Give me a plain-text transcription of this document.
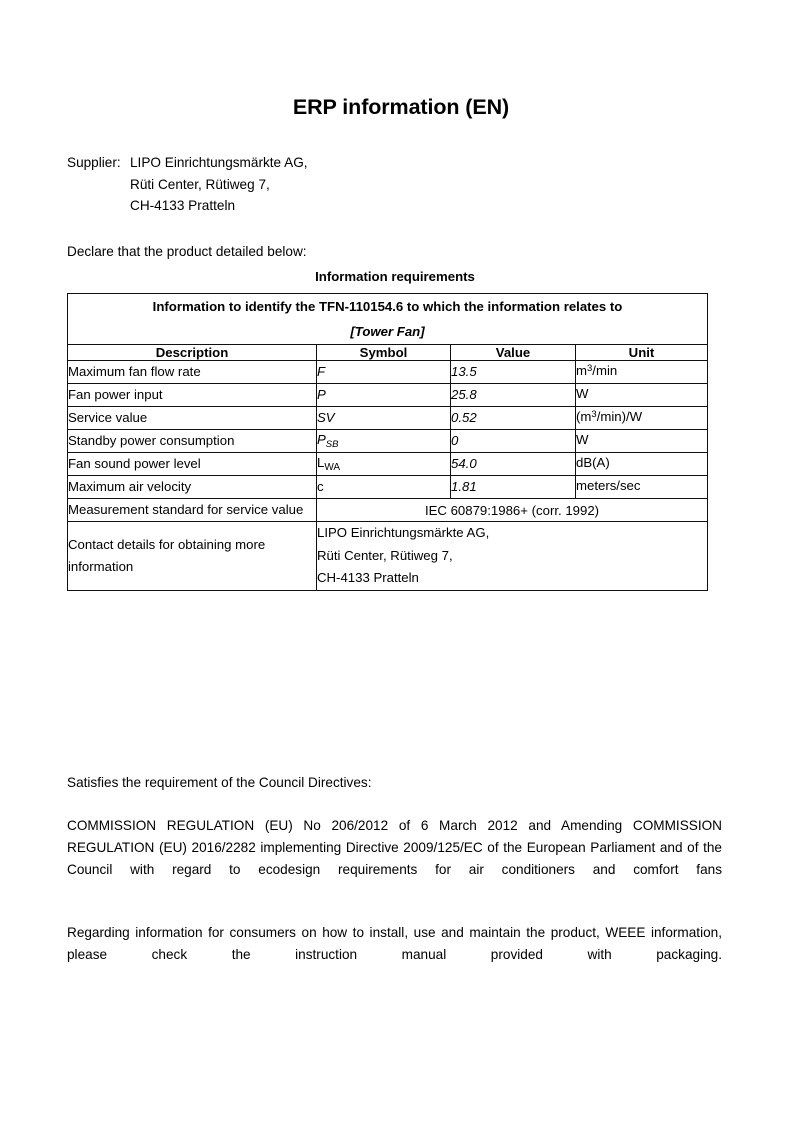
ERP information (EN)
Supplier: LIPO Einrichtungsmärkte AG,
Rüti Center, Rütiweg 7,
CH-4133 Pratteln
Declare that the product detailed below:
Information requirements
Information to identify the TFN-110154.6 to which the information relates to
[Tower Fan]			

Description	Symbol	Value	Unit
Maximum fan flow rate	F	13.5	$m^3/\min$
Fan power input	P	25.8	W
Service value	SV	0.52	$(m^3/\min)/W$
Standby power consumption	$P_{SB}$	0	W
Fan sound power level	$L_{WA}$	54.0	dB(A)
Maximum air velocity	c	1.81	meters/sec
Measurement standard for service value	IEC 60879:1986+ (corr. 1992)		
Contact details for obtaining more information	LIPO Einrichtungsmärkte AG,
Rüti Center, Rütiweg 7,
CH-4133 Pratteln		
Satisfies the requirement of the Council Directives:
COMMISSION REGULATION (EU) No 206/2012 of 6 March 2012 and Amending COMMISSION REGULATION (EU) 2016/2282 implementing Directive 2009/125/EC of the European Parliament and of the Council with regard to ecodesign requirements for air conditioners and comfort fans
Regarding information for consumers on how to install, use and maintain the product, WEEE information, please check the instruction manual provided with packaging.
